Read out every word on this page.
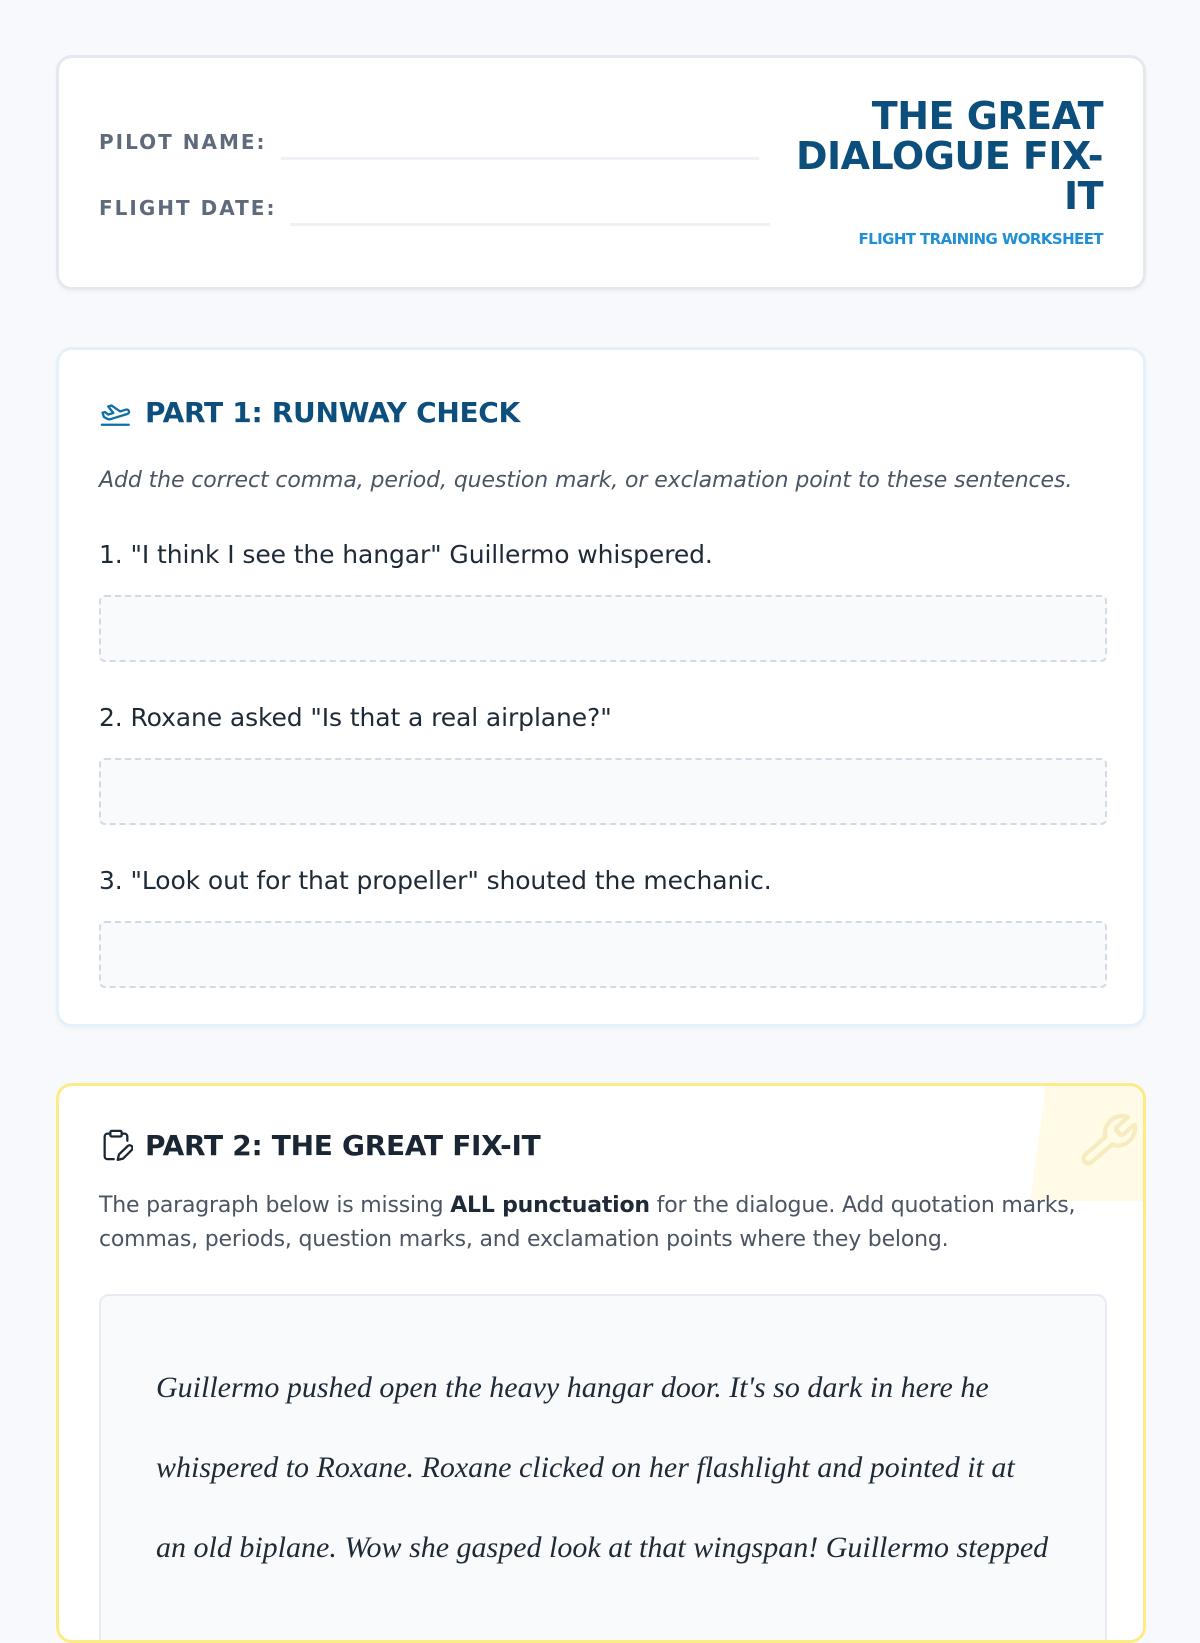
PILOT NAME:
FLIGHT DATE:
THE GREAT
DIALOGUE FIX-
IT
FLIGHT TRAINING WORKSHEET
PART 1: RUNWAY CHECK
Add the correct comma, period, question mark, or exclamation point to these sentences.
1. "I think I see the hangar" Guillermo whispered.
2. Roxane asked "Is that a real airplane?"
3. "Look out for that propeller" shouted the mechanic.
PART 2: THE GREAT FIX-IT
The paragraph below is missing ALL punctuation for the dialogue. Add quotation marks, commas, periods, question marks, and exclamation points where they belong.

Guillermo pushed open the heavy hangar door. It's so dark in here he whispered to Roxane. Roxane clicked on her flashlight and pointed it at an old biplane. Wow she gasped look at that wingspan! Guillermo stepped
